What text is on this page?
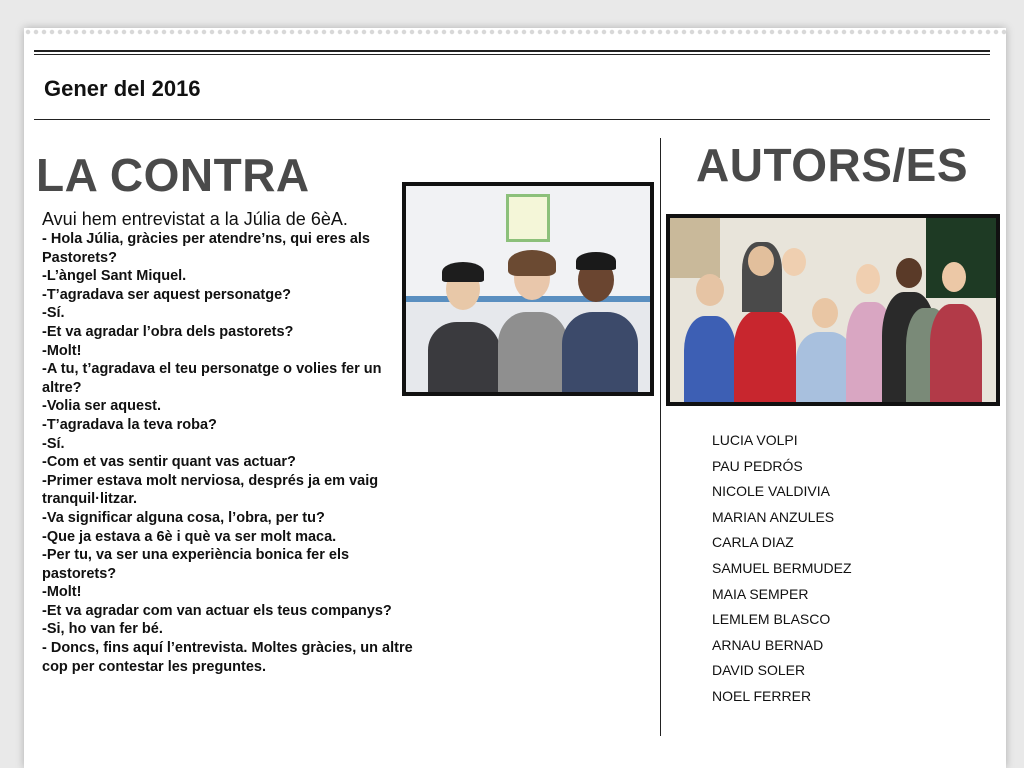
Gener del 2016
LA CONTRA	AUTORS/ES
Avui hem entrevistat a la Júlia de 6èA.

- Hola Júlia, gràcies per atendre’ns, qui eres als Pastorets?

-L’àngel Sant Miquel.

-T’agradava ser aquest personatge?

-Sí.

-Et va agradar l’obra dels pastorets?

-Molt!

-A tu, t’agradava el teu personatge o volies fer un altre?

-Volia ser aquest.

-T’agradava la teva roba?

-Sí.

-Com et vas sentir quant vas actuar?

-Primer estava molt nerviosa, després ja em vaig tranquil·litzar.

-Va significar alguna cosa, l’obra, per tu?

-Que ja estava a 6è i què va ser molt maca.

-Per tu, va ser una experiència bonica fer els pastorets?

-Molt!

-Et va agradar com van actuar els teus companys?

-Si, ho van fer bé.

- Doncs, fins aquí l’entrevista. Moltes gràcies, un altre cop per contestar les preguntes.

LUCIA VOLPI
PAU PEDRÓS
NICOLE VALDIVIA
MARIAN ANZULES
CARLA DIAZ
SAMUEL BERMUDEZ
MAIA SEMPER
LEMLEM BLASCO
ARNAU BERNAD
DAVID SOLER
NOEL FERRER
